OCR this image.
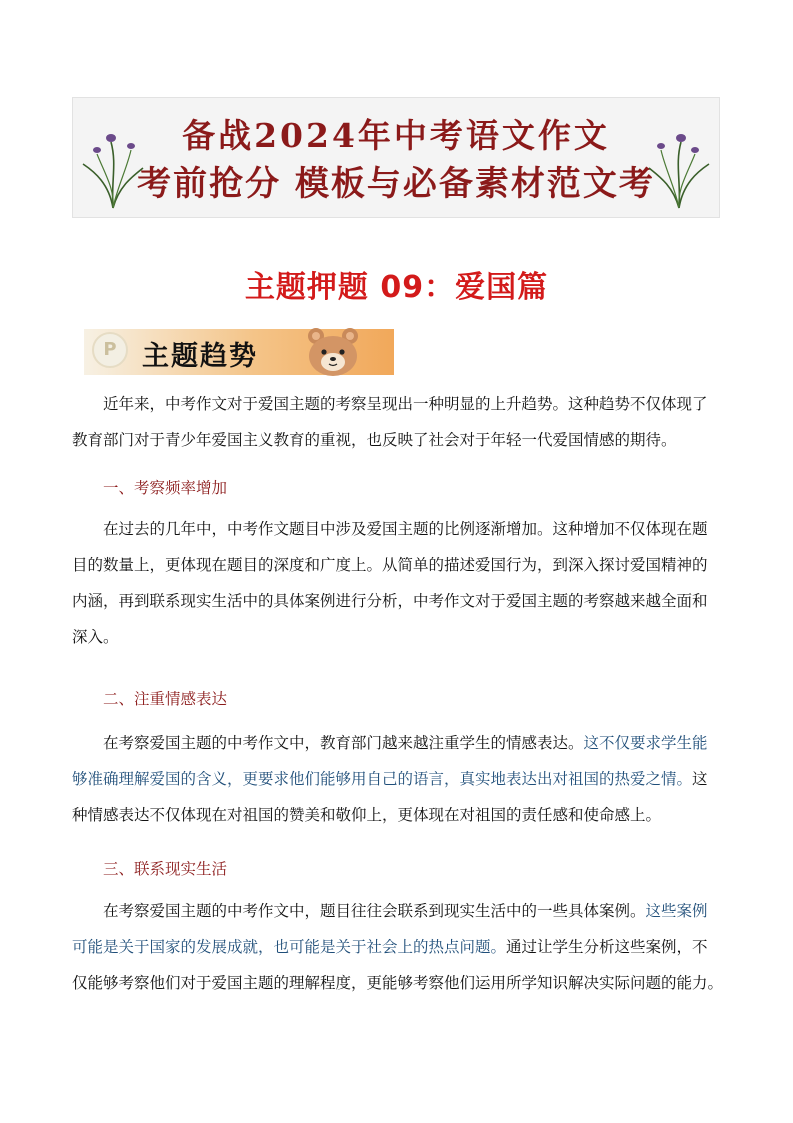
备战2024年中考语文作文
考前抢分 模板与必备素材范文考
主题押题 09：爱国篇
P 主题趋势
近年来，中考作文对于爱国主题的考察呈现出一种明显的上升趋势。这种趋势不仅体现了
教育部门对于青少年爱国主义教育的重视，也反映了社会对于年轻一代爱国情感的期待。
一、考察频率增加
在过去的几年中，中考作文题目中涉及爱国主题的比例逐渐增加。这种增加不仅体现在题
目的数量上，更体现在题目的深度和广度上。从简单的描述爱国行为，到深入探讨爱国精神的
内涵，再到联系现实生活中的具体案例进行分析，中考作文对于爱国主题的考察越来越全面和
深入。
二、注重情感表达
在考察爱国主题的中考作文中，教育部门越来越注重学生的情感表达。这不仅要求学生能
够准确理解爱国的含义，更要求他们能够用自己的语言，真实地表达出对祖国的热爱之情。这
种情感表达不仅体现在对祖国的赞美和敬仰上，更体现在对祖国的责任感和使命感上。
三、联系现实生活
在考察爱国主题的中考作文中，题目往往会联系到现实生活中的一些具体案例。这些案例
可能是关于国家的发展成就，也可能是关于社会上的热点问题。通过让学生分析这些案例，不
仅能够考察他们对于爱国主题的理解程度，更能够考察他们运用所学知识解决实际问题的能力。
